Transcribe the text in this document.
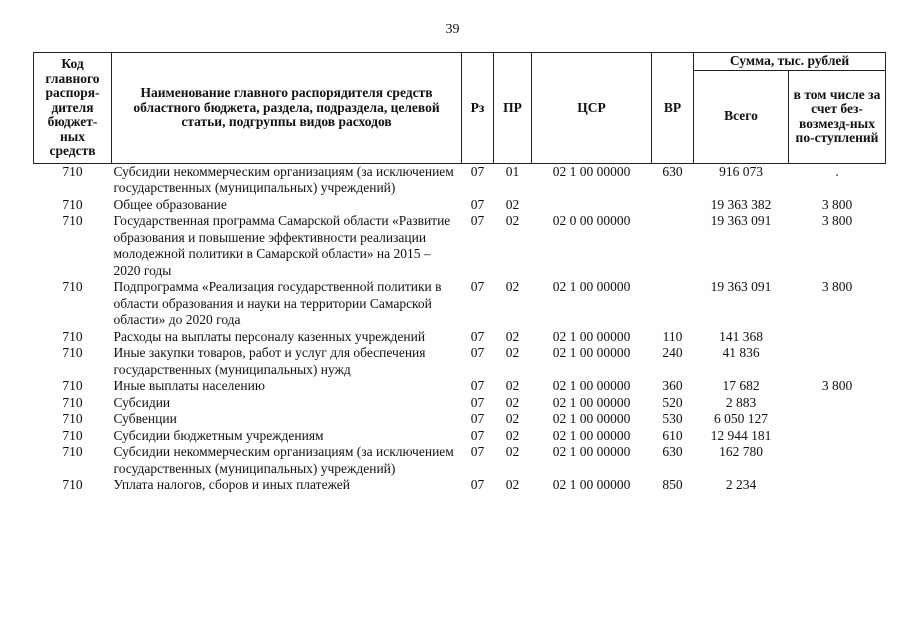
39
Код главного распоря-дителя бюджет-ных средств	Наименование главного распорядителя средств областного бюджета, раздела, подраздела, целевой статьи, подгруппы видов расходов	Рз	ПР	ЦСР	ВР	Сумма, тыс. рублей	
						Всего	в том числе за счет без-возмезд-ных по-ступлений
710	Субсидии некоммерческим организациям (за исключением государственных (муниципальных) учреждений)	07	01	02 1 00 00000	630	916 073	.
710	Общее образование	07	02			19 363 382	3 800
710	Государственная программа Самарской области «Развитие образования и повышение эффективности реализации молодежной политики в Самарской области» на 2015 – 2020 годы	07	02	02 0 00 00000		19 363 091	3 800
710	Подпрограмма «Реализация государственной политики в области образования и науки на территории Самарской области» до 2020 года	07	02	02 1 00 00000		19 363 091	3 800
710	Расходы на выплаты персоналу казенных учреждений	07	02	02 1 00 00000	110	141 368	
710	Иные закупки товаров, работ и услуг для обеспечения государственных (муниципальных) нужд	07	02	02 1 00 00000	240	41 836	
710	Иные выплаты населению	07	02	02 1 00 00000	360	17 682	3 800
710	Субсидии	07	02	02 1 00 00000	520	2 883	
710	Субвенции	07	02	02 1 00 00000	530	6 050 127	
710	Субсидии бюджетным учреждениям	07	02	02 1 00 00000	610	12 944 181	
710	Субсидии некоммерческим организациям (за исключением государственных (муниципальных) учреждений)	07	02	02 1 00 00000	630	162 780	
710	Уплата налогов, сборов и иных платежей	07	02	02 1 00 00000	850	2 234	
